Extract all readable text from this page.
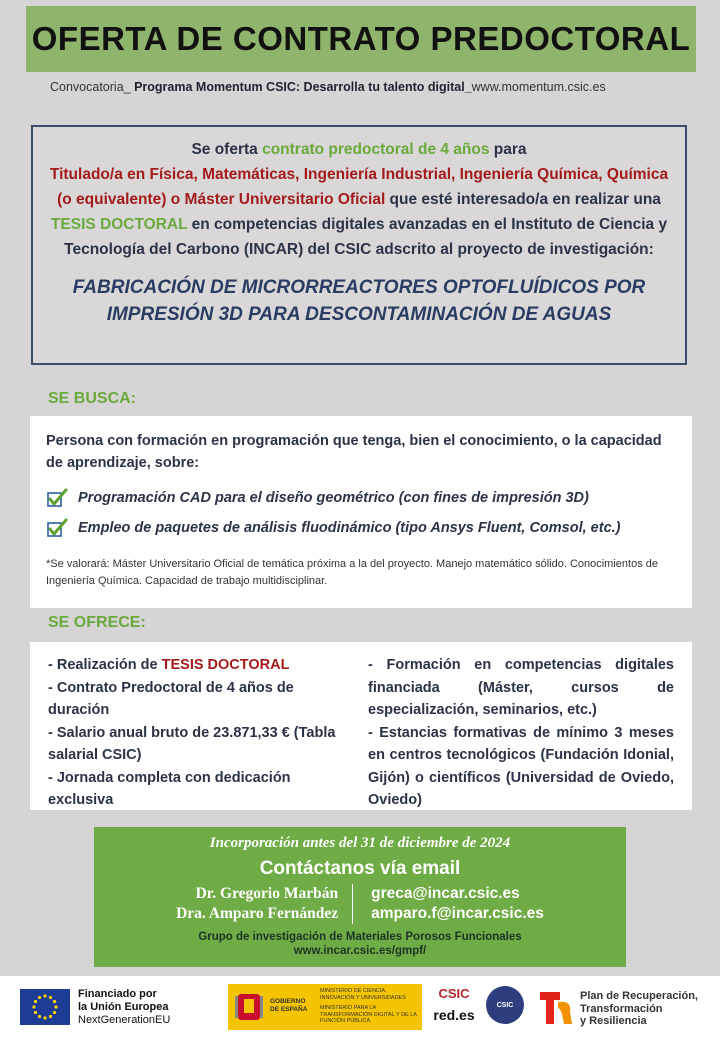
OFERTA DE CONTRATO PREDOCTORAL
Convocatoria_ Programa Momentum CSIC: Desarrolla tu talento digital_www.momentum.csic.es
Se oferta contrato predoctoral de 4 años para
Titulado/a en Física, Matemáticas, Ingeniería Industrial, Ingeniería Química, Química (o equivalente) o Máster Universitario Oficial que esté interesado/a en realizar una TESIS DOCTORAL en competencias digitales avanzadas en el Instituto de Ciencia y Tecnología del Carbono (INCAR) del CSIC adscrito al proyecto de investigación:
FABRICACIÓN DE MICRORREACTORES OPTOFLUÍDICOS POR IMPRESIÓN 3D PARA DESCONTAMINACIÓN DE AGUAS
SE BUSCA:
Persona con formación en programación que tenga, bien el conocimiento, o la capacidad de aprendizaje, sobre:
Programación CAD para el diseño geométrico (con fines de impresión 3D)
Empleo de paquetes de análisis fluodinámico (tipo Ansys Fluent, Comsol, etc.)
*Se valorará: Máster Universitario Oficial de temática próxima a la del proyecto. Manejo matemático sólido. Conocimientos de Ingeniería Química. Capacidad de trabajo multidisciplinar.
SE OFRECE:
- Realización de TESIS DOCTORAL
- Contrato Predoctoral de 4 años de duración
- Salario anual bruto de 23.871,33 € (Tabla salarial CSIC)
- Jornada completa con dedicación exclusiva
- Formación en competencias digitales financiada (Máster, cursos de especialización, seminarios, etc.)
- Estancias formativas de mínimo 3 meses en centros tecnológicos (Fundación Idonial, Gijón) o científicos (Universidad de Oviedo, Oviedo)
Incorporación antes del 31 de diciembre de 2024
Contáctanos vía email
Dr. Gregorio Marbán
Dra. Amparo Fernández
greca@incar.csic.es
amparo.f@incar.csic.es
Grupo de investigación de Materiales Porosos Funcionales
www.incar.csic.es/gmpf/
Financiado por
la Unión Europea
NextGenerationEU
GOBIERNO DE ESPAÑA
MINISTERIO DE CIENCIA, INNOVACIÓN Y UNIVERSIDADES
MINISTERIO PARA LA TRANSFORMACIÓN DIGITAL Y DE LA FUNCIÓN PÚBLICA
CSIC
red.es
CSIC
Plan de Recuperación,
Transformación
y Resiliencia
